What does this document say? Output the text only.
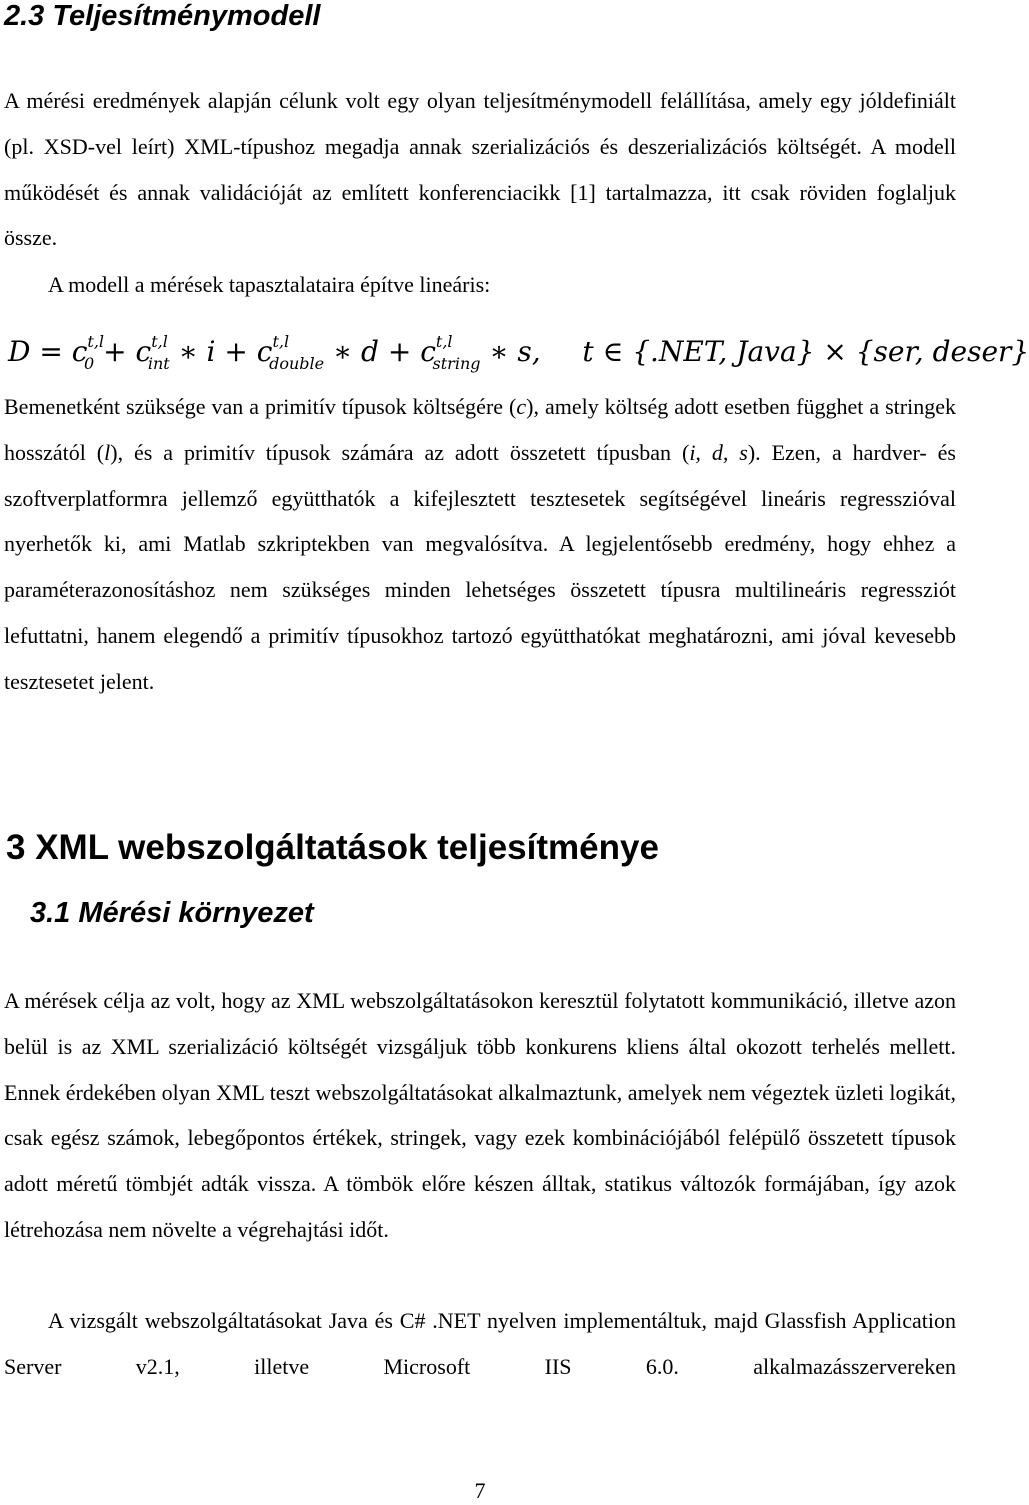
2.3 Teljesítménymodell

A mérési eredmények alapján célunk volt egy olyan teljesítménymodell felállítása, amely egy jóldefiniált (pl. XSD-vel leírt) XML-típushoz megadja annak szerializációs és deszerializációs költségét. A modell működését és annak validációját az említett konferenciacikk [1] tartalmazza, itt csak röviden foglaljuk össze.

A modell a mérések tapasztalataira építve lineáris:

$D = c^{t,l}_0 + c^{t,l}_{int}$ ∗ $i + c^{t,l}_{double}$ ∗ $d + c^{t,l}_{string}$ ∗ s, t ∈ {.NET, Java} × {ser, deser}

Bemenetként szüksége van a primitív típusok költségére (c), amely költség adott esetben függhet a stringek hosszától (l), és a primitív típusok számára az adott összetett típusban (i, d, s). Ezen, a hardver- és szoftverplatformra jellemző együtthatók a kifejlesztett tesztesetek segítségével lineáris regresszióval nyerhetők ki, ami Matlab szkriptekben van megvalósítva. A legjelentősebb eredmény, hogy ehhez a paraméterazonosításhoz nem szükséges minden lehetséges összetett típusra multilineáris regressziót lefuttatni, hanem elegendő a primitív típusokhoz tartozó együtthatókat meghatározni, ami jóval kevesebb tesztesetet jelent.

3 XML webszolgáltatások teljesítménye
3.1 Mérési környezet

A mérések célja az volt, hogy az XML webszolgáltatásokon keresztül folytatott kommunikáció, illetve azon belül is az XML szerializáció költségét vizsgáljuk több konkurens kliens által okozott terhelés mellett. Ennek érdekében olyan XML teszt webszolgáltatásokat alkalmaztunk, amelyek nem végeztek üzleti logikát, csak egész számok, lebegőpontos értékek, stringek, vagy ezek kombinációjából felépülő összetett típusok adott méretű tömbjét adták vissza. A tömbök előre készen álltak, statikus változók formájában, így azok létrehozása nem növelte a végrehajtási időt.

A vizsgált webszolgáltatásokat Java és C# .NET nyelven implementáltuk, majd Glassfish Application Server v2.1, illetve Microsoft IIS 6.0. alkalmazásszervereken

7
